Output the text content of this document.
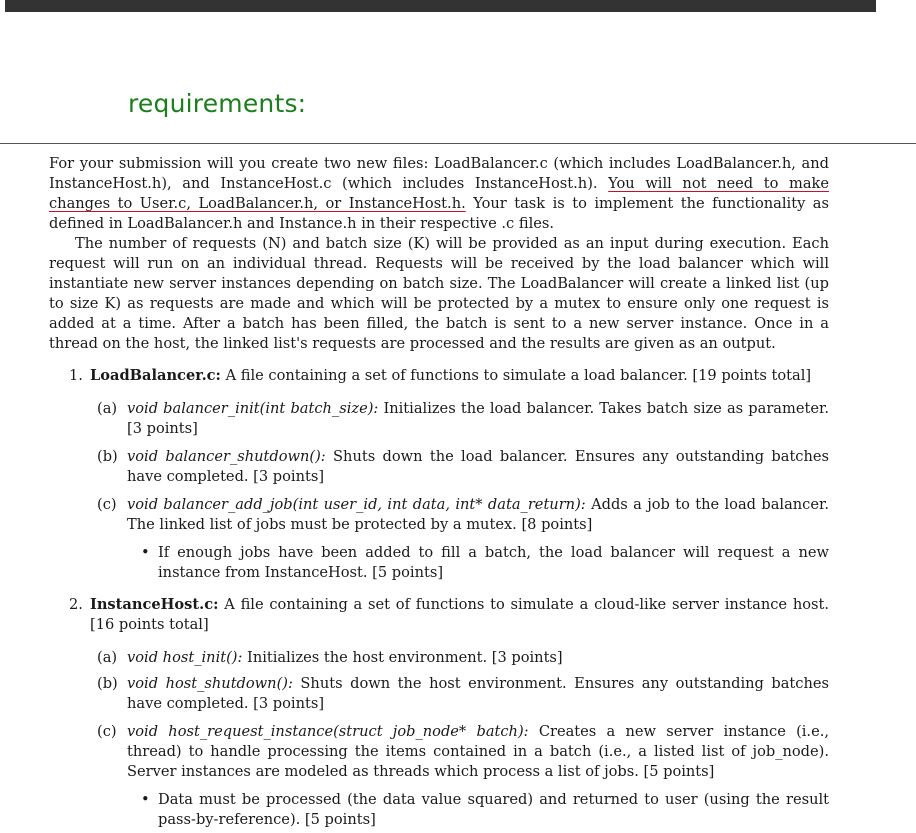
requirements:

For your submission will you create two new files: LoadBalancer.c (which includes LoadBalancer.h, and InstanceHost.h), and InstanceHost.c (which includes InstanceHost.h). You will not need to make changes to User.c, LoadBalancer.h, or InstanceHost.h. Your task is to implement the functionality as defined in LoadBalancer.h and Instance.h in their respective .c files.

The number of requests (N) and batch size (K) will be provided as an input during execution. Each request will run on an individual thread. Requests will be received by the load balancer which will instantiate new server instances depending on batch size. The LoadBalancer will create a linked list (up to size K) as requests are made and which will be protected by a mutex to ensure only one request is added at a time. After a batch has been filled, the batch is sent to a new server instance. Once in a thread on the host, the linked list's requests are processed and the results are given as an output.

1. LoadBalancer.c: A file containing a set of functions to simulate a load balancer. [19 points total]
(a) void balancer_init(int batch_size): Initializes the load balancer. Takes batch size as parameter. [3 points]
(b) void balancer_shutdown(): Shuts down the load balancer. Ensures any outstanding batches have completed. [3 points]
(c) void balancer_add_job(int user_id, int data, int* data_return): Adds a job to the load balancer. The linked list of jobs must be protected by a mutex. [8 points]
• If enough jobs have been added to fill a batch, the load balancer will request a new instance from InstanceHost. [5 points]
2. InstanceHost.c: A file containing a set of functions to simulate a cloud-like server instance host. [16 points total]
(a) void host_init(): Initializes the host environment. [3 points]
(b) void host_shutdown(): Shuts down the host environment. Ensures any outstanding batches have completed. [3 points]
(c) void host_request_instance(struct job_node* batch): Creates a new server instance (i.e., thread) to handle processing the items contained in a batch (i.e., a listed list of job_node). Server instances are modeled as threads which process a list of jobs. [5 points]
• Data must be processed (the data value squared) and returned to user (using the result pass-by-reference). [5 points]
